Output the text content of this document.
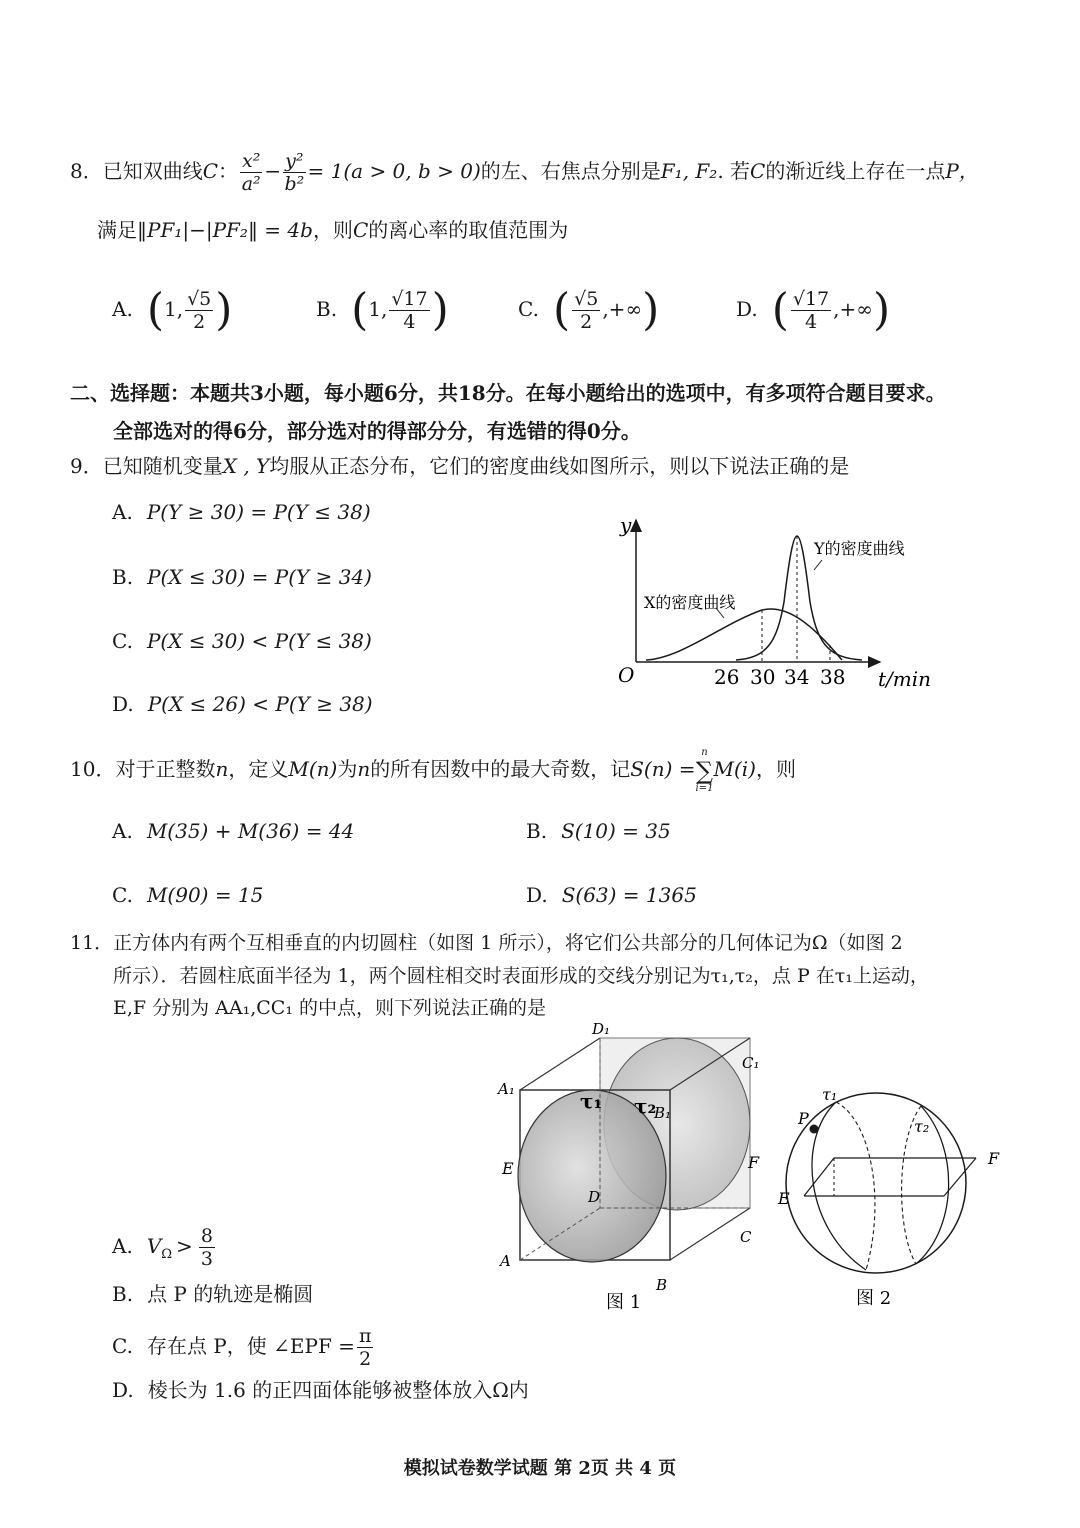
8．已知双曲线C： $\frac{\text{x²}}{\text{a²}} - \frac{\text{y²}}{\text{b²}} = 1(a > 0$, b > 0)的左、右焦点分别是F₁, F₂. 若C的渐近线上存在一点P，
满足‖PF₁|−|PF₂‖ = 4b，则C的离心率的取值范围为
A. (1, $\frac{√5}{2}$ )	B. (1, $\frac{√17}{4}$ )	C. ( $\frac{√5}{2}$ ,+∞)	D. ( $\frac{√17}{4}$ ,+∞)
二、选择题：本题共3小题，每小题6分，共18分。在每小题给出的选项中，有多项符合题目要求。
全部选对的得6分，部分选对的得部分分，有选错的得0分。
9．已知随机变量X , Y均服从正态分布，它们的密度曲线如图所示，则以下说法正确的是
A. P(Y ≥ 30) = P(Y ≤ 38)
B. P(X ≤ 30) = P(Y ≥ 34)
C. P(X ≤ 30) < P(Y ≤ 38)
D. P(X ≤ 26) < P(Y ≥ 38)
y
O	26 30 34 38 t/min
X的密度曲线
Y的密度曲线
10．对于正整数n，定义M(n)为n的所有因数中的最大奇数，记S(n) =
n
∑
i=1
M(i)，则
A. M(35) + M(36) = 44	B. S(10) = 35
C. M(90) = 15	D. S(63) = 1365
11．正方体内有两个互相垂直的内切圆柱（如图 1 所示），将它们公共部分的几何体记为Ω（如图 2
所示）．若圆柱底面半径为 1，两个圆柱相交时表面形成的交线分别记为τ₁,τ₂，点 P 在τ₁上运动，
E,F 分别为 AA₁,CC₁ 的中点，则下列说法正确的是
A. $V_\Omega > \frac{8}{3}$
B. 点 P 的轨迹是椭圆
C. 存在点 P，使 ∠EPF = $\frac{\pi}{2}$
D. 棱长为 1.6 的正四面体能够被整体放入Ω内
D₁
C₁
A₁
B₁
E	F
D
C
A
B
τ₁ τ₂
图 1
τ₁
τ₂
P
E
F
图 2
模拟试卷数学试题 第 2页 共 4 页
